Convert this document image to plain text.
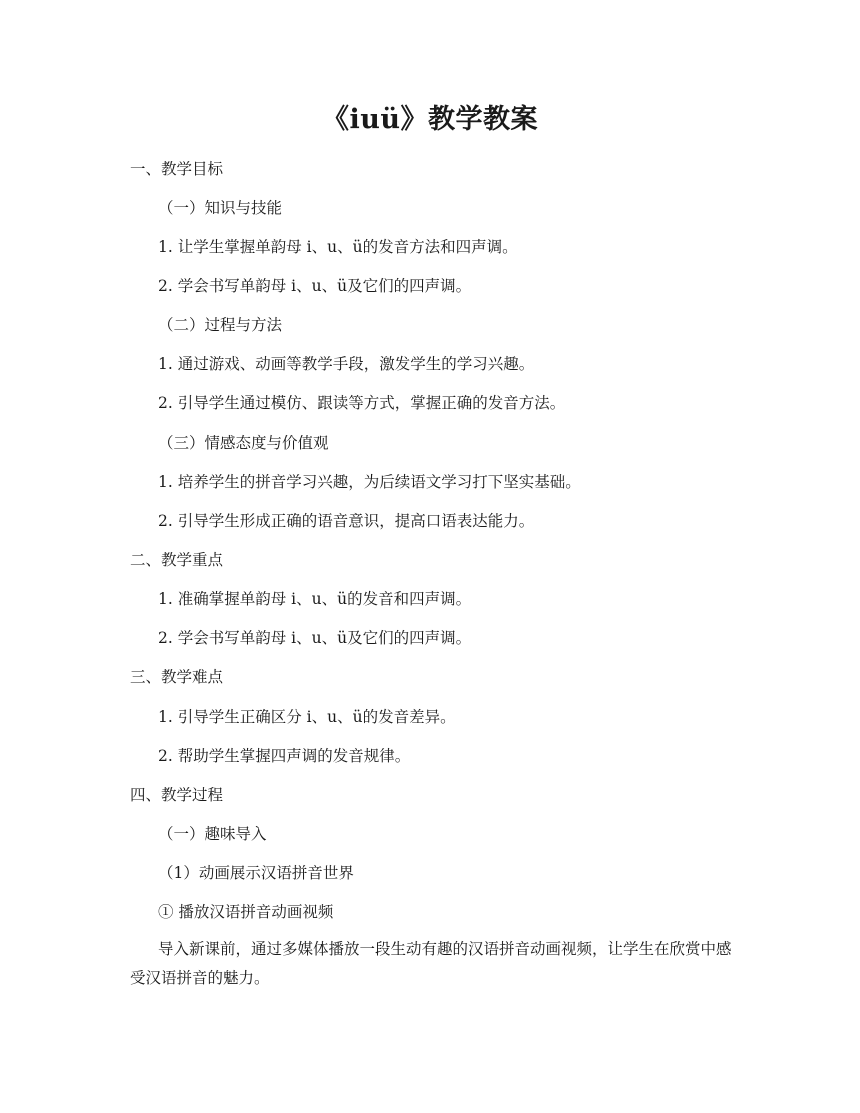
《iuü》教学教案
一、教学目标
（一）知识与技能
1. 让学生掌握单韵母 i、u、ü的发音方法和四声调。
2. 学会书写单韵母 i、u、ü及它们的四声调。
（二）过程与方法
1. 通过游戏、动画等教学手段，激发学生的学习兴趣。
2. 引导学生通过模仿、跟读等方式，掌握正确的发音方法。
（三）情感态度与价值观
1. 培养学生的拼音学习兴趣，为后续语文学习打下坚实基础。
2. 引导学生形成正确的语音意识，提高口语表达能力。
二、教学重点
1. 准确掌握单韵母 i、u、ü的发音和四声调。
2. 学会书写单韵母 i、u、ü及它们的四声调。
三、教学难点
1. 引导学生正确区分 i、u、ü的发音差异。
2. 帮助学生掌握四声调的发音规律。
四、教学过程
（一）趣味导入
（1）动画展示汉语拼音世界
① 播放汉语拼音动画视频
导入新课前，通过多媒体播放一段生动有趣的汉语拼音动画视频，让学生在欣赏中感受汉语拼音的魅力。
